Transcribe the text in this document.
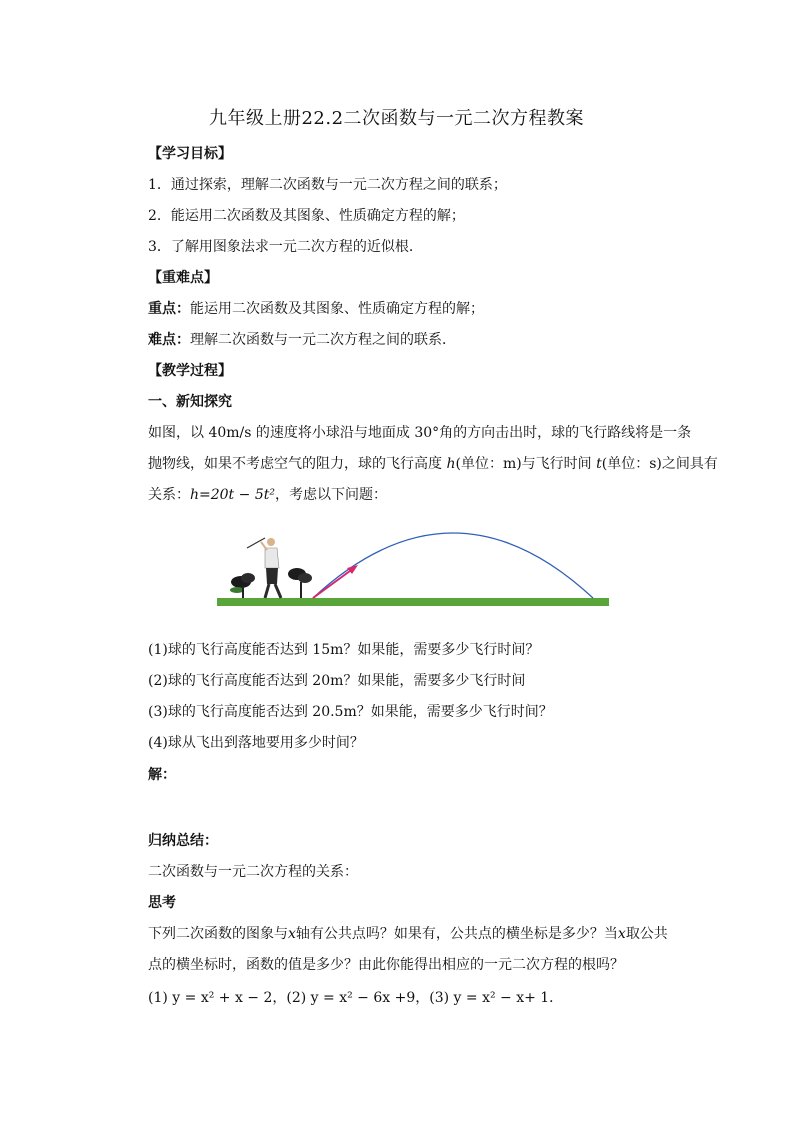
九年级上册22.2二次函数与一元二次方程教案

【学习目标】

1．通过探索，理解二次函数与一元二次方程之间的联系；

2．能运用二次函数及其图象、性质确定方程的解；

3．了解用图象法求一元二次方程的近似根．

【重难点】

重点：能运用二次函数及其图象、性质确定方程的解；

难点：理解二次函数与一元二次方程之间的联系．

【教学过程】

一、新知探究

如图，以 40m/s 的速度将小球沿与地面成 30°角的方向击出时，球的飞行路线将是一条

抛物线，如果不考虑空气的阻力，球的飞行高度 h(单位：m)与飞行时间 t(单位：s)之间具有

关系：h=20t − 5t²，考虑以下问题：

(1)球的飞行高度能否达到 15m？如果能，需要多少飞行时间？

(2)球的飞行高度能否达到 20m？如果能，需要多少飞行时间

(3)球的飞行高度能否达到 20.5m？如果能，需要多少飞行时间？

(4)球从飞出到落地要用多少时间？

解：

归纳总结：

二次函数与一元二次方程的关系：

思考

下列二次函数的图象与x轴有公共点吗？如果有，公共点的横坐标是多少？当x取公共

点的横坐标时，函数的值是多少？由此你能得出相应的一元二次方程的根吗？

(1) y = x² + x − 2，(2) y = x² − 6x +9，(3) y = x² − x+ 1．
